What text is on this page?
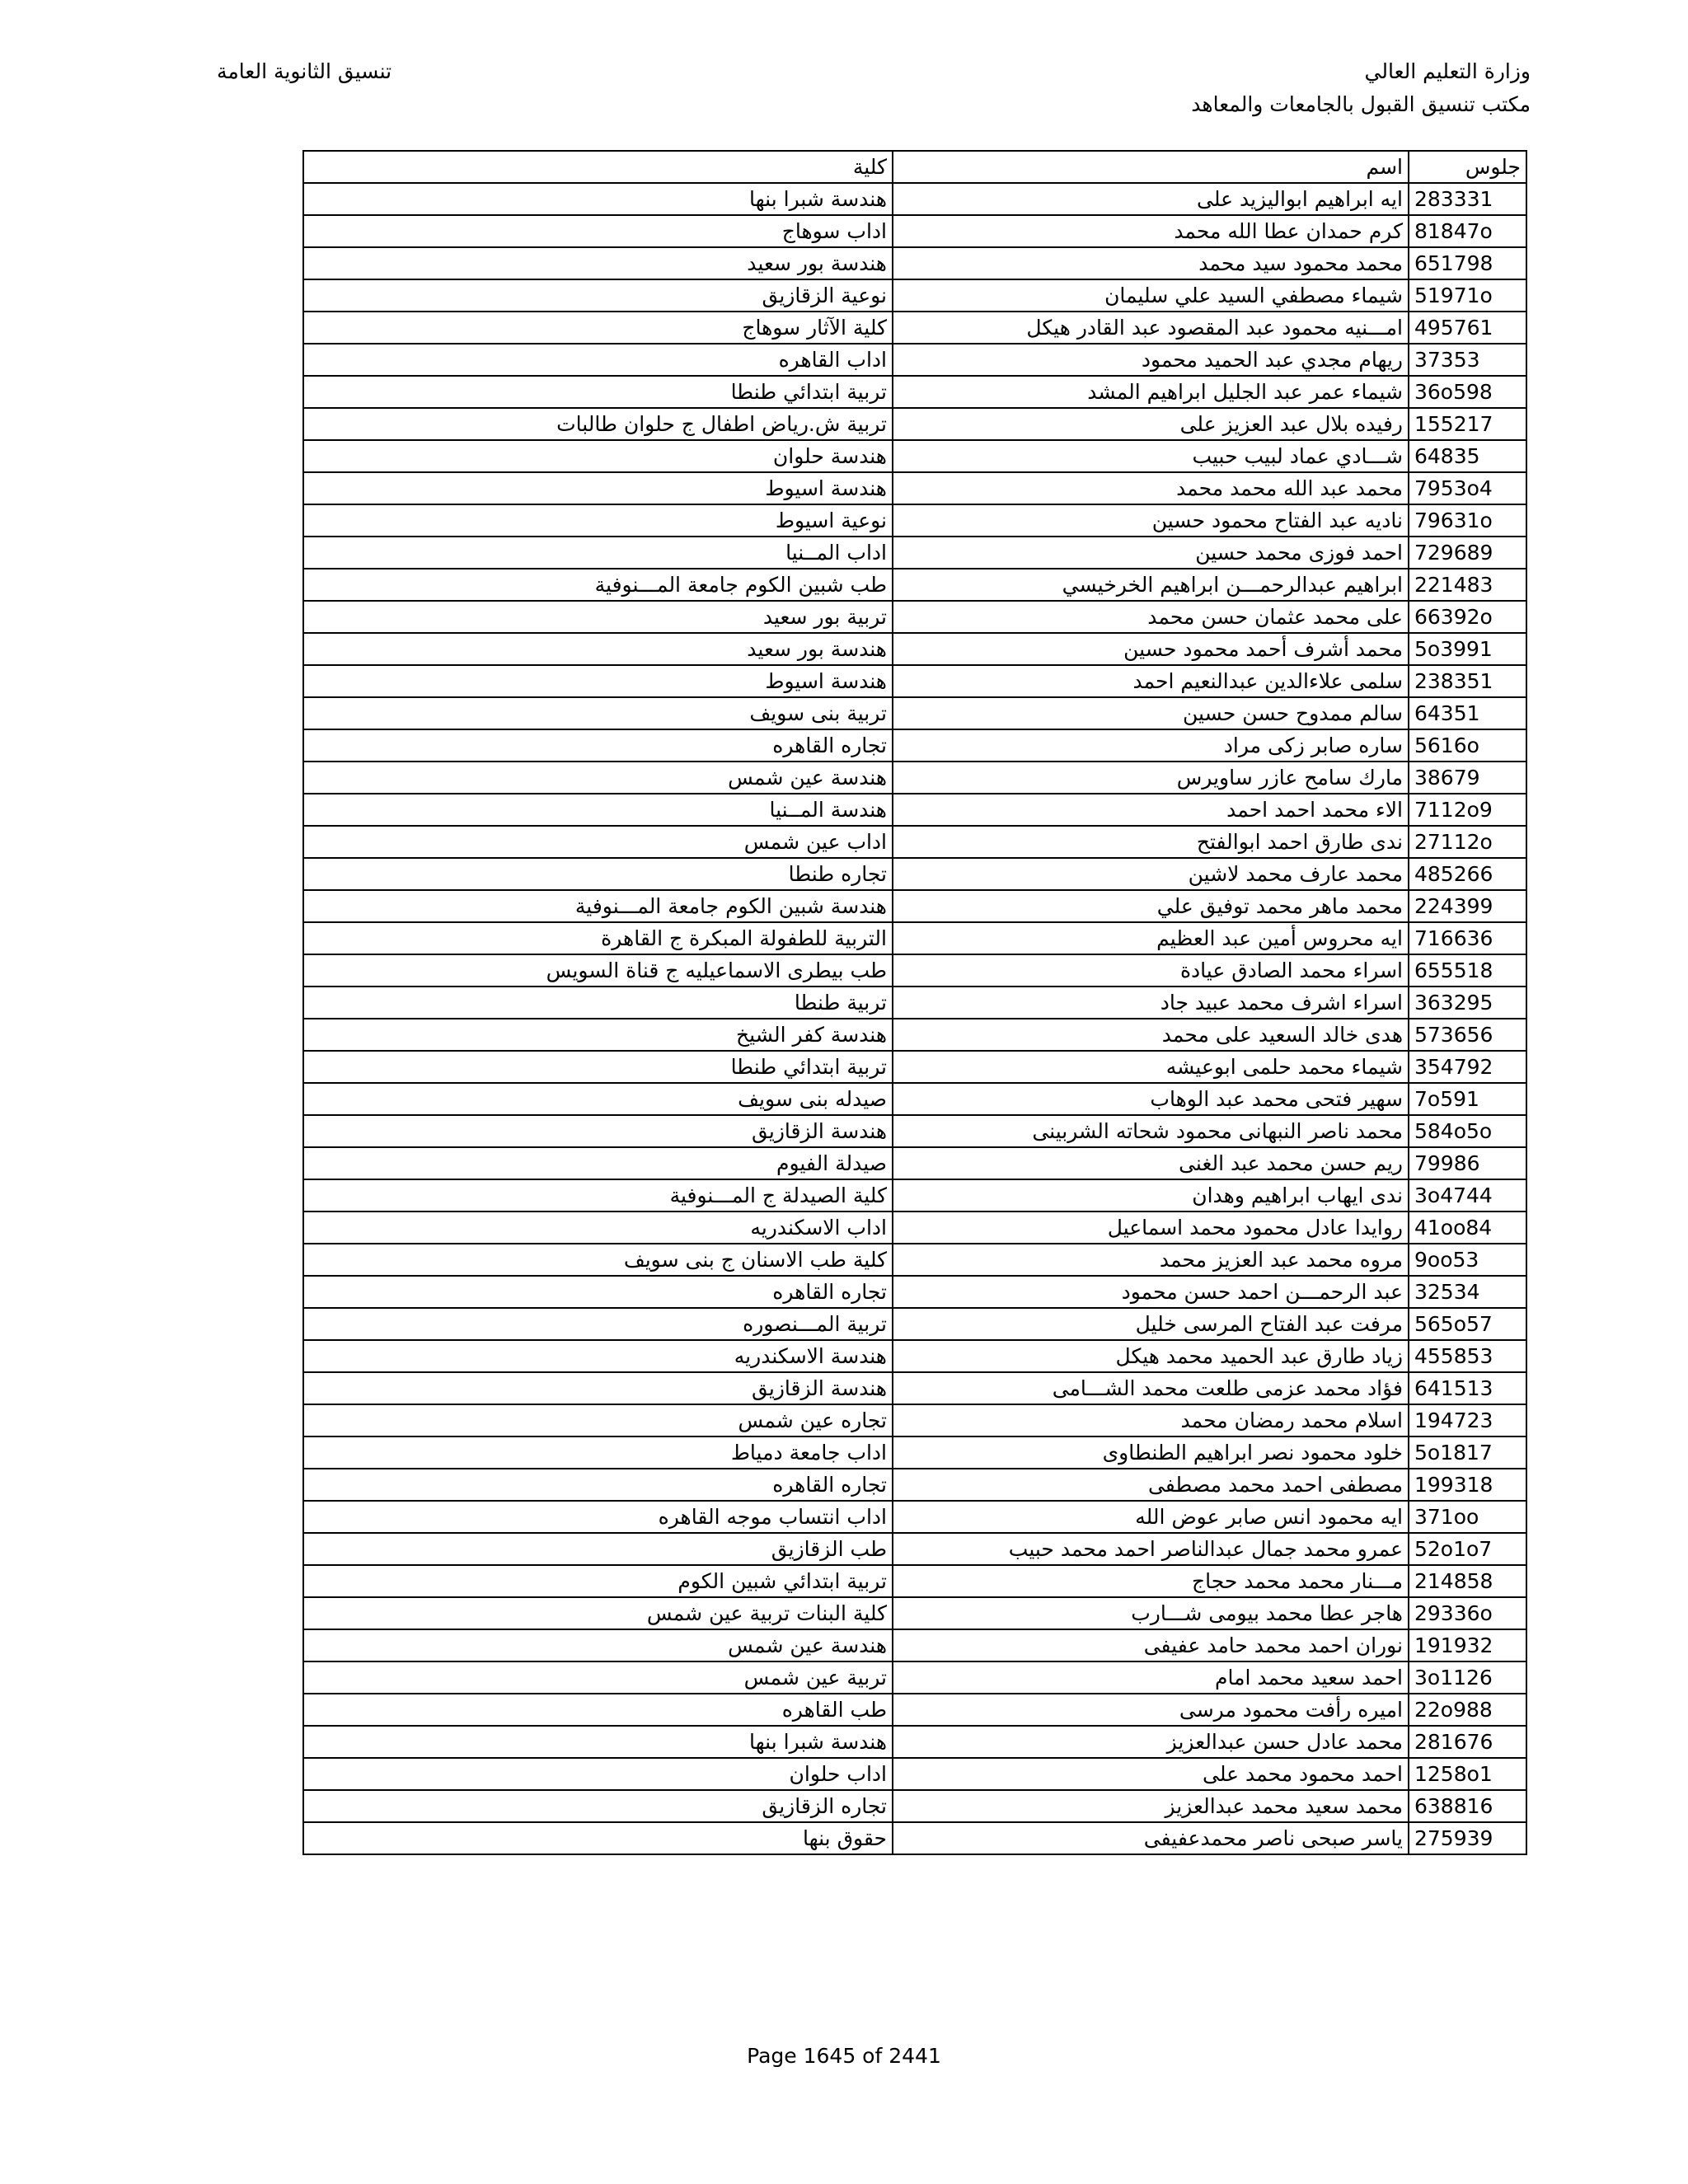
وزارة التعليم العالي
مكتب تنسيق القبول بالجامعات والمعاهد
تنسيق الثانوية العامة
جلوس	اسم	كلية
283331	ايه ابراهيم ابواليزيد على	هندسة شبرا بنها
81847o	كرم حمدان عطا الله محمد	اداب سوهاج
651798	محمد محمود سيد محمد	هندسة بور سعيد
51971o	شيماء مصطفي السيد علي سليمان	نوعية الزقازيق
495761	امـــنيه محمود عبد المقصود عبد القادر هيكل	كلية الآثار سوهاج
37353	ريهام مجدي عبد الحميد محمود	اداب القاهره
36o598	شيماء عمر عبد الجليل ابراهيم المشد	تربية ابتدائي طنطا
155217	رفيده بلال عبد العزيز على	تربية ش.رياض اطفال ج حلوان طالبات
64835	شـــادي عماد لبيب حبيب	هندسة حلوان
7953o4	محمد عبد الله محمد محمد	هندسة اسيوط
79631o	ناديه عبد الفتاح محمود حسين	نوعية اسيوط
729689	احمد فوزى محمد حسين	اداب المــنيا
221483	ابراهيم عبدالرحمـــن ابراهيم الخرخيسي	طب شبين الكوم جامعة المـــنوفية
66392o	على محمد عثمان حسن محمد	تربية بور سعيد
5o3991	محمد أشرف أحمد محمود حسين	هندسة بور سعيد
238351	سلمى علاءالدين عبدالنعيم احمد	هندسة اسيوط
64351	سالم ممدوح حسن حسين	تربية بنى سويف
5616o	ساره صابر زكى مراد	تجاره القاهره
38679	مارك سامح عازر ساويرس	هندسة عين شمس
7112o9	الاء محمد احمد احمد	هندسة المــنيا
27112o	ندى طارق احمد ابوالفتح	اداب عين شمس
485266	محمد عارف محمد لاشين	تجاره طنطا
224399	محمد ماهر محمد توفيق علي	هندسة شبين الكوم جامعة المـــنوفية
716636	ايه محروس أمين عبد العظيم	التربية للطفولة المبكرة ج القاهرة
655518	اسراء محمد الصادق عيادة	طب بيطرى الاسماعيليه ج قناة السويس
363295	اسراء اشرف محمد عبيد جاد	تربية طنطا
573656	هدى خالد السعيد على محمد	هندسة كفر الشيخ
354792	شيماء محمد حلمى ابوعيشه	تربية ابتدائي طنطا
7o591	سهير فتحى محمد عبد الوهاب	صيدله بنى سويف
584o5o	محمد ناصر النبهانى محمود شحاته الشربينى	هندسة الزقازيق
79986	ريم حسن محمد عبد الغنى	صيدلة الفيوم
3o4744	ندى ايهاب ابراهيم وهدان	كلية الصيدلة ج المـــنوفية
41oo84	روايدا عادل محمود محمد اسماعيل	اداب الاسكندريه
9oo53	مروه محمد عبد العزيز محمد	كلية طب الاسنان ج بنى سويف
32534	عبد الرحمـــن احمد حسن محمود	تجاره القاهره
565o57	مرفت عبد الفتاح المرسى خليل	تربية المـــنصوره
455853	زياد طارق عبد الحميد محمد هيكل	هندسة الاسكندريه
641513	فؤاد محمد عزمى طلعت محمد الشـــامى	هندسة الزقازيق
194723	اسلام محمد رمضان محمد	تجاره عين شمس
5o1817	خلود محمود نصر ابراهيم الطنطاوى	اداب جامعة دمياط
199318	مصطفى احمد محمد مصطفى	تجاره القاهره
371oo	ايه محمود انس صابر عوض الله	اداب انتساب موجه القاهره
52o1o7	عمرو محمد جمال عبدالناصر احمد محمد حبيب	طب الزقازيق
214858	مـــنار محمد محمد حجاج	تربية ابتدائي شبين الكوم
29336o	هاجر عطا محمد بيومى شـــارب	كلية البنات تربية عين شمس
191932	نوران احمد محمد حامد عفيفى	هندسة عين شمس
3o1126	احمد سعيد محمد امام	تربية عين شمس
22o988	اميره رأفت محمود مرسى	طب القاهره
281676	محمد عادل حسن عبدالعزيز	هندسة شبرا بنها
1258o1	احمد محمود محمد على	اداب حلوان
638816	محمد سعيد محمد عبدالعزيز	تجاره الزقازيق
275939	ياسر صبحى ناصر محمدعفيفى	حقوق بنها
Page 1645 of 2441
